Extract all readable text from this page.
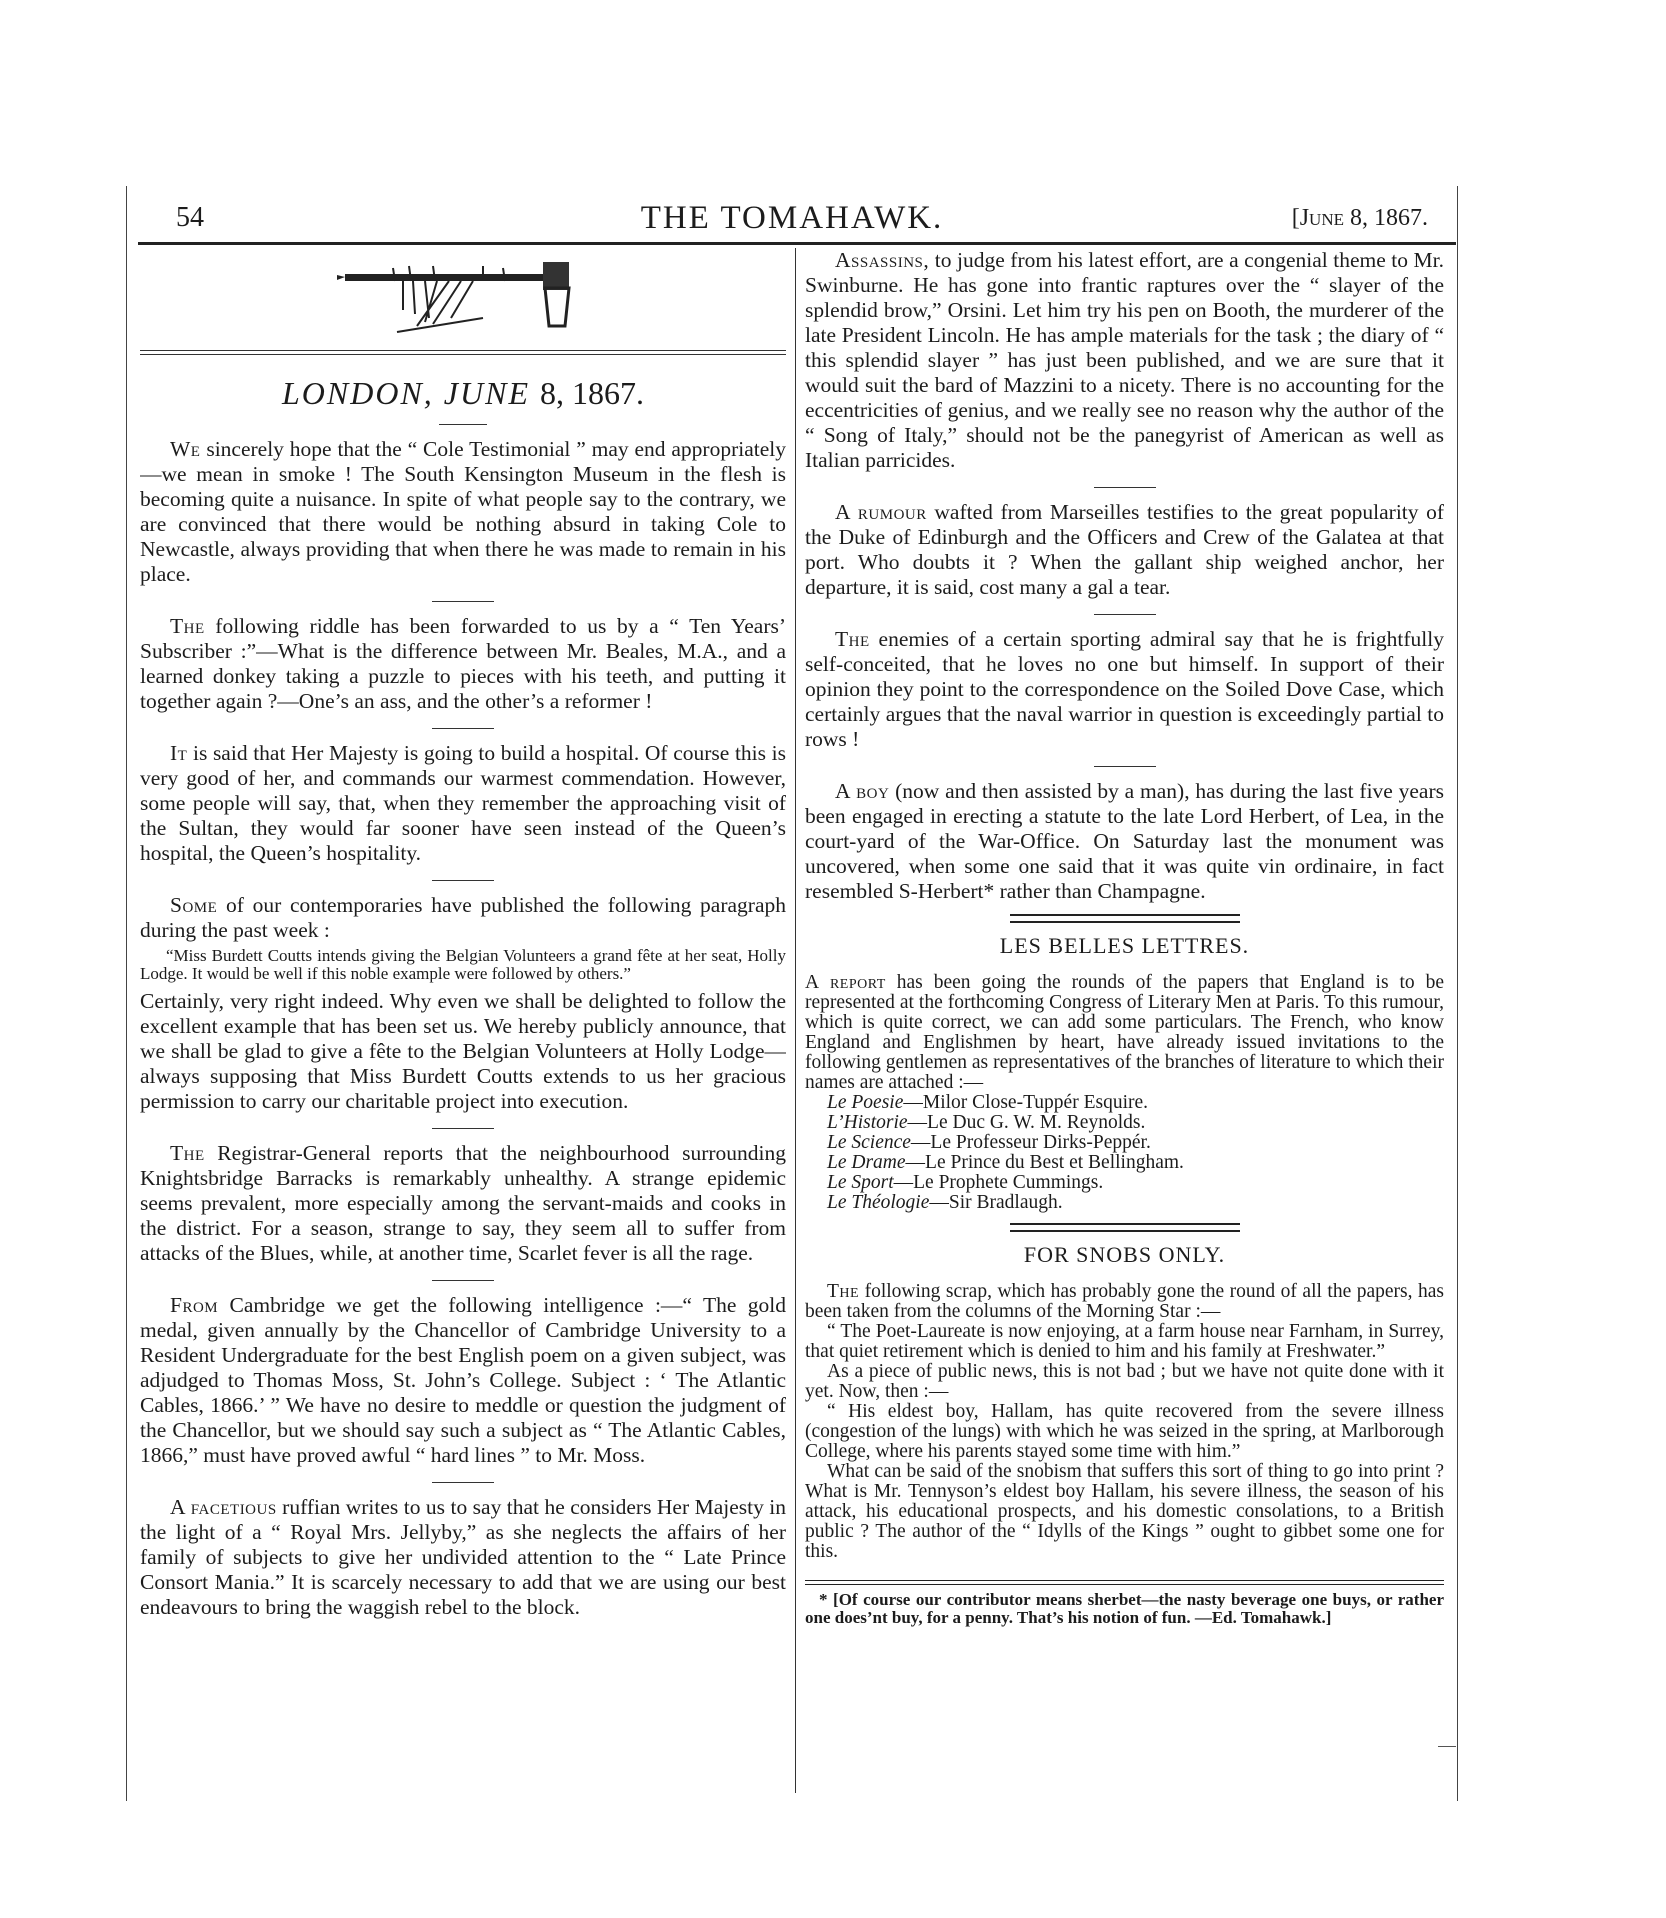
54	THE TOMAHAWK.	[June 8, 1867.
LONDON, JUNE 8, 1867.

We sincerely hope that the “ Cole Testimonial ” may end appropriately—we mean in smoke ! The South Kensington Museum in the flesh is becoming quite a nuisance. In spite of what people say to the contrary, we are convinced that there would be nothing absurd in taking Cole to Newcastle, always providing that when there he was made to remain in his place.

The following riddle has been forwarded to us by a “ Ten Years’ Subscriber :”—What is the difference between Mr. Beales, M.A., and a learned donkey taking a puzzle to pieces with his teeth, and putting it together again ?—One’s an ass, and the other’s a reformer !

It is said that Her Majesty is going to build a hospital. Of course this is very good of her, and commands our warmest commendation. However, some people will say, that, when they remember the approaching visit of the Sultan, they would far sooner have seen instead of the Queen’s hospital, the Queen’s hospitality.

Some of our contemporaries have published the following paragraph during the past week :

“Miss Burdett Coutts intends giving the Belgian Volunteers a grand fête at her seat, Holly Lodge. It would be well if this noble example were followed by others.”

Certainly, very right indeed. Why even we shall be delighted to follow the excellent example that has been set us. We hereby publicly announce, that we shall be glad to give a fête to the Belgian Volunteers at Holly Lodge—always supposing that Miss Burdett Coutts extends to us her gracious permission to carry our charitable project into execution.

The Registrar-General reports that the neighbourhood surrounding Knightsbridge Barracks is remarkably unhealthy. A strange epidemic seems prevalent, more especially among the servant-maids and cooks in the district. For a season, strange to say, they seem all to suffer from attacks of the Blues, while, at another time, Scarlet fever is all the rage.

From Cambridge we get the following intelligence :—“ The gold medal, given annually by the Chancellor of Cambridge University to a Resident Undergraduate for the best English poem on a given subject, was adjudged to Thomas Moss, St. John’s College. Subject : ‘ The Atlantic Cables, 1866.’ ” We have no desire to meddle or question the judgment of the Chancellor, but we should say such a subject as “ The Atlantic Cables, 1866,” must have proved awful “ hard lines ” to Mr. Moss.

A facetious ruffian writes to us to say that he considers Her Majesty in the light of a “ Royal Mrs. Jellyby,” as she neglects the affairs of her family of subjects to give her undivided attention to the “ Late Prince Consort Mania.” It is scarcely necessary to add that we are using our best endeavours to bring the waggish rebel to the block.

Assassins, to judge from his latest effort, are a congenial theme to Mr. Swinburne. He has gone into frantic raptures over the “ slayer of the splendid brow,” Orsini. Let him try his pen on Booth, the murderer of the late President Lincoln. He has ample materials for the task ; the diary of “ this splendid slayer ” has just been published, and we are sure that it would suit the bard of Mazzini to a nicety. There is no accounting for the eccentricities of genius, and we really see no reason why the author of the “ Song of Italy,” should not be the panegyrist of American as well as Italian parricides.

A rumour wafted from Marseilles testifies to the great popularity of the Duke of Edinburgh and the Officers and Crew of the Galatea at that port. Who doubts it ? When the gallant ship weighed anchor, her departure, it is said, cost many a gal a tear.

The enemies of a certain sporting admiral say that he is frightfully self-conceited, that he loves no one but himself. In support of their opinion they point to the correspondence on the Soiled Dove Case, which certainly argues that the naval warrior in question is exceedingly partial to rows !

A boy (now and then assisted by a man), has during the last five years been engaged in erecting a statute to the late Lord Herbert, of Lea, in the court-yard of the War-Office. On Saturday last the monument was uncovered, when some one said that it was quite vin ordinaire, in fact resembled S-Herbert* rather than Champagne.

LES BELLES LETTRES.

A report has been going the rounds of the papers that England is to be represented at the forthcoming Congress of Literary Men at Paris. To this rumour, which is quite correct, we can add some particulars. The French, who know England and Englishmen by heart, have already issued invitations to the following gentlemen as representatives of the branches of literature to which their names are attached :—

Le Poesie—Milor Close-Tuppér Esquire.
L’Historie—Le Duc G. W. M. Reynolds.
Le Science—Le Professeur Dirks-Peppér.
Le Drame—Le Prince du Best et Bellingham.
Le Sport—Le Prophete Cummings.
Le Théologie—Sir Bradlaugh.
FOR SNOBS ONLY.

The following scrap, which has probably gone the round of all the papers, has been taken from the columns of the Morning Star :—

“ The Poet-Laureate is now enjoying, at a farm house near Farnham, in Surrey, that quiet retirement which is denied to him and his family at Freshwater.”

As a piece of public news, this is not bad ; but we have not quite done with it yet. Now, then :—

“ His eldest boy, Hallam, has quite recovered from the severe illness (congestion of the lungs) with which he was seized in the spring, at Marlborough College, where his parents stayed some time with him.”

What can be said of the snobism that suffers this sort of thing to go into print ? What is Mr. Tennyson’s eldest boy Hallam, his severe illness, the season of his attack, his educational prospects, and his domestic consolations, to a British public ? The author of the “ Idylls of the Kings ” ought to gibbet some one for this.

* [Of course our contributor means sherbet—the nasty beverage one buys, or rather one does’nt buy, for a penny. That’s his notion of fun. —Ed. Tomahawk.]
